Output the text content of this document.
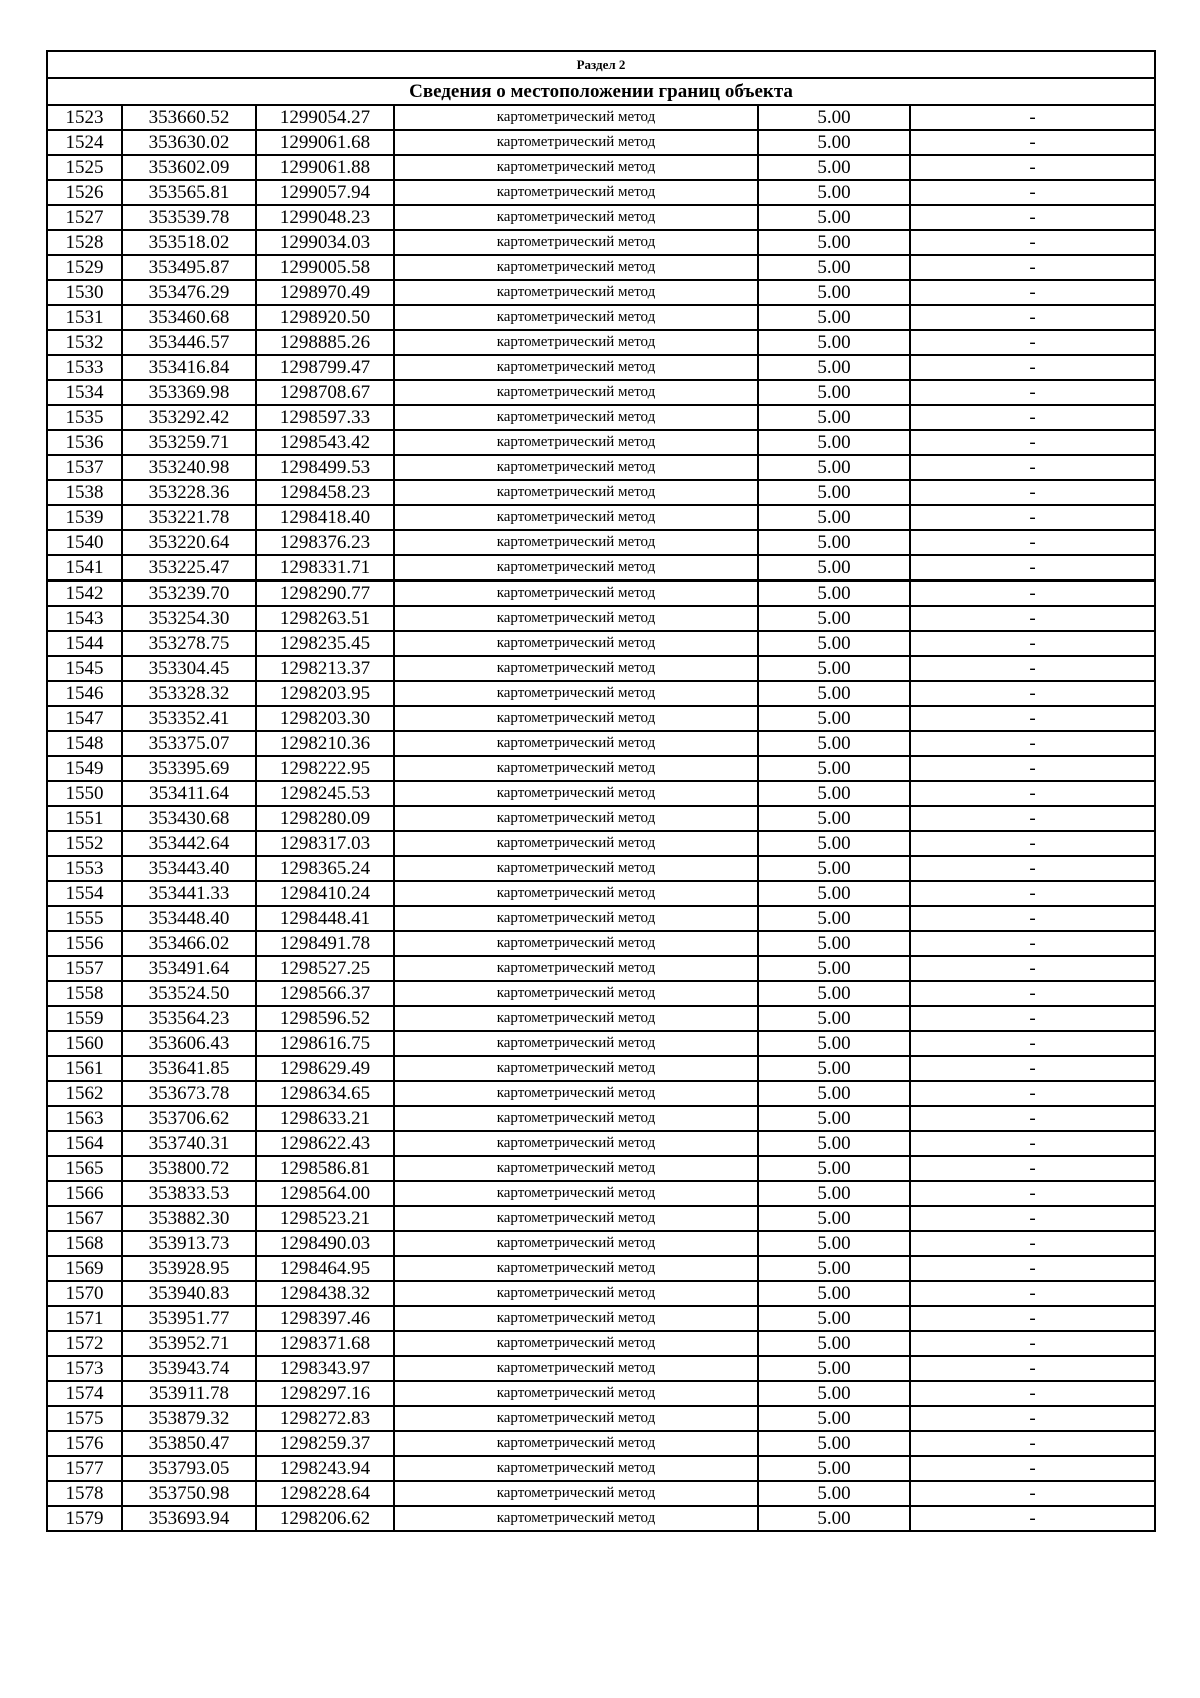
Раздел 2					
Сведения о местоположении границ объекта					
1523	353660.52	1299054.27	картометрический метод	5.00	-
1524	353630.02	1299061.68	картометрический метод	5.00	-
1525	353602.09	1299061.88	картометрический метод	5.00	-
1526	353565.81	1299057.94	картометрический метод	5.00	-
1527	353539.78	1299048.23	картометрический метод	5.00	-
1528	353518.02	1299034.03	картометрический метод	5.00	-
1529	353495.87	1299005.58	картометрический метод	5.00	-
1530	353476.29	1298970.49	картометрический метод	5.00	-
1531	353460.68	1298920.50	картометрический метод	5.00	-
1532	353446.57	1298885.26	картометрический метод	5.00	-
1533	353416.84	1298799.47	картометрический метод	5.00	-
1534	353369.98	1298708.67	картометрический метод	5.00	-
1535	353292.42	1298597.33	картометрический метод	5.00	-
1536	353259.71	1298543.42	картометрический метод	5.00	-
1537	353240.98	1298499.53	картометрический метод	5.00	-
1538	353228.36	1298458.23	картометрический метод	5.00	-
1539	353221.78	1298418.40	картометрический метод	5.00	-
1540	353220.64	1298376.23	картометрический метод	5.00	-
1541	353225.47	1298331.71	картометрический метод	5.00	-
1542	353239.70	1298290.77	картометрический метод	5.00	-
1543	353254.30	1298263.51	картометрический метод	5.00	-
1544	353278.75	1298235.45	картометрический метод	5.00	-
1545	353304.45	1298213.37	картометрический метод	5.00	-
1546	353328.32	1298203.95	картометрический метод	5.00	-
1547	353352.41	1298203.30	картометрический метод	5.00	-
1548	353375.07	1298210.36	картометрический метод	5.00	-
1549	353395.69	1298222.95	картометрический метод	5.00	-
1550	353411.64	1298245.53	картометрический метод	5.00	-
1551	353430.68	1298280.09	картометрический метод	5.00	-
1552	353442.64	1298317.03	картометрический метод	5.00	-
1553	353443.40	1298365.24	картометрический метод	5.00	-
1554	353441.33	1298410.24	картометрический метод	5.00	-
1555	353448.40	1298448.41	картометрический метод	5.00	-
1556	353466.02	1298491.78	картометрический метод	5.00	-
1557	353491.64	1298527.25	картометрический метод	5.00	-
1558	353524.50	1298566.37	картометрический метод	5.00	-
1559	353564.23	1298596.52	картометрический метод	5.00	-
1560	353606.43	1298616.75	картометрический метод	5.00	-
1561	353641.85	1298629.49	картометрический метод	5.00	-
1562	353673.78	1298634.65	картометрический метод	5.00	-
1563	353706.62	1298633.21	картометрический метод	5.00	-
1564	353740.31	1298622.43	картометрический метод	5.00	-
1565	353800.72	1298586.81	картометрический метод	5.00	-
1566	353833.53	1298564.00	картометрический метод	5.00	-
1567	353882.30	1298523.21	картометрический метод	5.00	-
1568	353913.73	1298490.03	картометрический метод	5.00	-
1569	353928.95	1298464.95	картометрический метод	5.00	-
1570	353940.83	1298438.32	картометрический метод	5.00	-
1571	353951.77	1298397.46	картометрический метод	5.00	-
1572	353952.71	1298371.68	картометрический метод	5.00	-
1573	353943.74	1298343.97	картометрический метод	5.00	-
1574	353911.78	1298297.16	картометрический метод	5.00	-
1575	353879.32	1298272.83	картометрический метод	5.00	-
1576	353850.47	1298259.37	картометрический метод	5.00	-
1577	353793.05	1298243.94	картометрический метод	5.00	-
1578	353750.98	1298228.64	картометрический метод	5.00	-
1579	353693.94	1298206.62	картометрический метод	5.00	-
